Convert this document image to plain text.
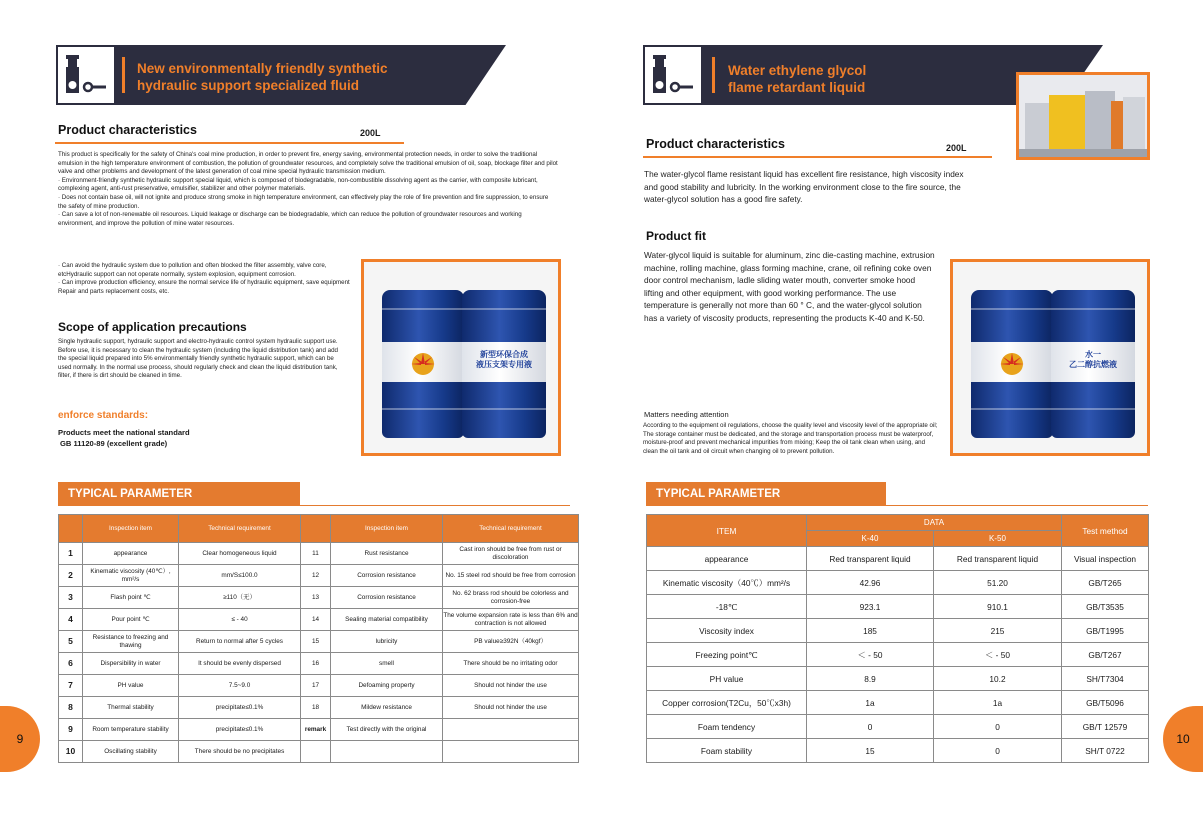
New environmentally friendly synthetic
hydraulic support specialized fluid
Product characteristics	200L
This product is specifically for the safety of China's coal mine production, in order to prevent fire, energy saving, environmental protection needs, in order to solve the traditional emulsion in the high temperature environment of combustion, the pollution of groundwater resources, and completely solve the traditional emulsion of oil, soap, blockage filter and pilot valve and other problems and development of the latest generation of coal mine special hydraulic transmission medium.
· Environment-friendly synthetic hydraulic support special liquid, which is composed of biodegradable, non-combustible dissolving agent as the carrier, with composite lubricant, complexing agent, anti-rust preservative, emulsifier, stabilizer and other polymer materials.
· Does not contain base oil, will not ignite and produce strong smoke in high temperature environment, can effectively play the role of fire prevention and fire suppression, to ensure the safety of mine production.
· Can save a lot of non-renewable oil resources. Liquid leakage or discharge can be biodegradable, which can reduce the pollution of groundwater resources and working environment, and improve the pollution of mine water resources.
· Can avoid the hydraulic system due to pollution and often blocked the filter assembly, valve core, etcHydraulic support can not operate normally, system explosion, equipment corrosion.
· Can improve production efficiency, ensure the normal service life of hydraulic equipment, save equipment Repair and parts replacement costs, etc.
Scope of application precautions
Single hydraulic support, hydraulic support and electro-hydraulic control system hydraulic support use. Before use, it is necessary to clean the hydraulic system (including the liquid distribution tank) and add the special liquid prepared into 5% environmentally friendly synthetic hydraulic support, which can be used normally. In the normal use process, should regularly check and clean the liquid distribution tank, filter, if there is dirt should be cleaned in time.
enforce standards:
Products meet the national standard
GB 11120-89 (excellent grade)
新型环保合成
液压支架专用液
TYPICAL PARAMETER
	Inspection item	Technical requirement		Inspection item	Technical requirement
1	appearance	Clear homogeneous liquid	11	Rust resistance	Cast iron should be free from rust or discoloration
2	Kinematic viscosity (40℃）, mm²/s	mm/S≤100.0	12	Corrosion resistance	No. 15 steel rod should be free from corrosion
3	Flash point ℃	≥110（无）	13	Corrosion resistance	No. 62 brass rod should be colorless and corrosion-free
4	Pour point ℃	≤ - 40	14	Sealing material compatibility	The volume expansion rate is less than 6% and contraction is not allowed
5	Resistance to freezing and thawing	Return to normal after 5 cycles	15	lubricity	PB value≥392N（40kgf）
6	Dispersibility in water	It should be evenly dispersed	16	smell	There should be no irritating odor
7	PH value	7.5~9.0	17	Defoaming property	Should not hinder the use
8	Thermal stability	precipitate≤0.1%	18	Mildew resistance	Should not hinder the use
9	Room temperature stability	precipitate≤0.1%	remark	Test directly with the original	
10	Oscillating stability	There should be no precipitates			
9
Water ethylene glycol
flame retardant liquid
Product characteristics	200L
The water-glycol flame resistant liquid has excellent fire resistance, high viscosity index and good stability and lubricity. In the working environment close to the fire source, the water-glycol solution has a good fire safety.
Product fit
Water-glycol liquid is suitable for aluminum, zinc die-casting machine, extrusion machine, rolling machine, glass forming machine, crane, oil refining coke oven door control mechanism, ladle sliding water mouth, converter smoke hood lifting and other equipment, with good working performance. The use temperature is generally not more than 60 ° C, and the water-glycol solution has a variety of viscosity products, representing the products K-40 and K-50.
Matters needing attention
According to the equipment oil regulations, choose the quality level and viscosity level of the appropriate oil; The storage container must be dedicated, and the storage and transportation process must be waterproof, moisture-proof and prevent mechanical impurities from mixing; Keep the oil tank clean when using, and clean the oil tank and oil circuit when changing oil to prevent pollution.
水一
乙二醇抗燃液
TYPICAL PARAMETER
ITEM	DATA		Test method
	K-40	K-50	
appearance	Red transparent liquid	Red transparent liquid	Visual inspection
Kinematic viscosity（40℃）mm²/s	42.96	51.20	GB/T265
-18℃	923.1	910.1	GB/T3535
Viscosity index	185	215	GB/T1995
Freezing point℃	＜ - 50	＜ - 50	GB/T267
PH value	8.9	10.2	SH/T7304
Copper corrosion(T2Cu，50℃x3h)	1a	1a	GB/T5096
Foam tendency	0	0	GB/T 12579
Foam stability	15	0	SH/T 0722
10
